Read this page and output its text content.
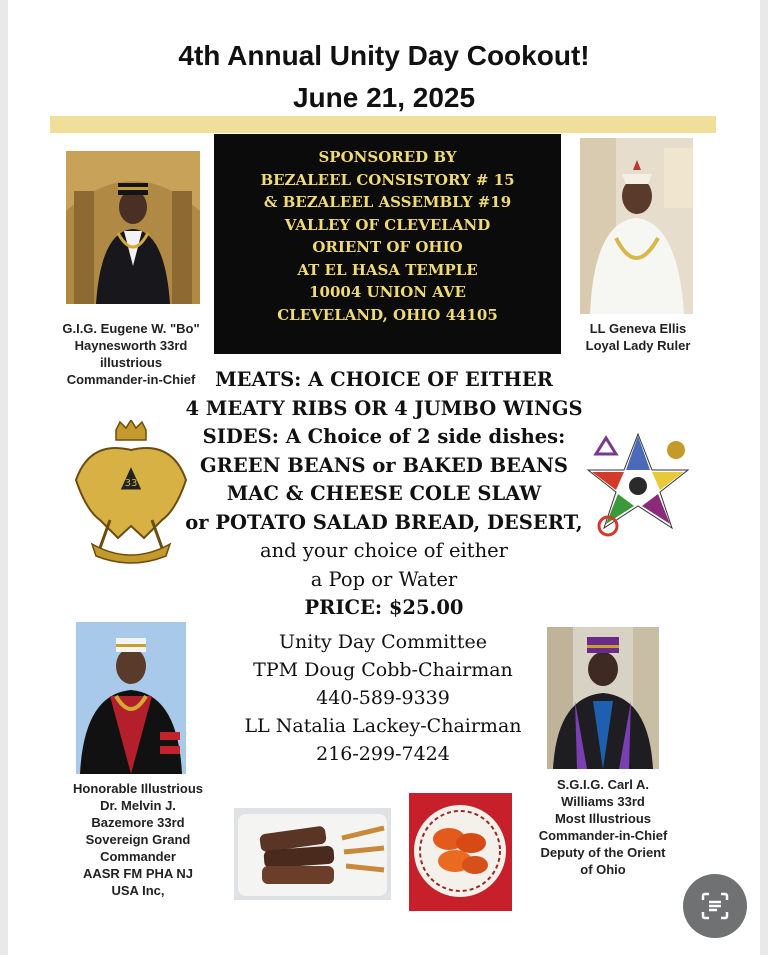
4th Annual Unity Day Cookout!
June 21, 2025
SPONSORED BY
BEZALEEL CONSISTORY # 15
& BEZALEEL ASSEMBLY #19
VALLEY OF CLEVELAND
ORIENT OF OHIO
AT EL HASA TEMPLE
10004 UNION AVE
CLEVELAND, OHIO 44105
G.I.G. Eugene W. "Bo"
Haynesworth 33rd
illustrious
Commander-in-Chief
LL Geneva Ellis
Loyal Lady Ruler
MEATS: A CHOICE OF EITHER
4 MEATY RIBS OR 4 JUMBO WINGS
SIDES: A Choice of 2 side dishes:
GREEN BEANS or BAKED BEANS
MAC & CHEESE COLE SLAW
or POTATO SALAD BREAD, DESERT,
and your choice of either
a Pop or Water
PRICE: $25.00
33
Unity Day Committee
TPM Doug Cobb-Chairman
440-589-9339
LL Natalia Lackey-Chairman
216-299-7424
Honorable Illustrious
Dr. Melvin J.
Bazemore 33rd
Sovereign Grand
Commander
AASR FM PHA NJ
USA Inc,
S.G.I.G. Carl A.
Williams 33rd
Most Illustrious
Commander-in-Chief
Deputy of the Orient
of Ohio
